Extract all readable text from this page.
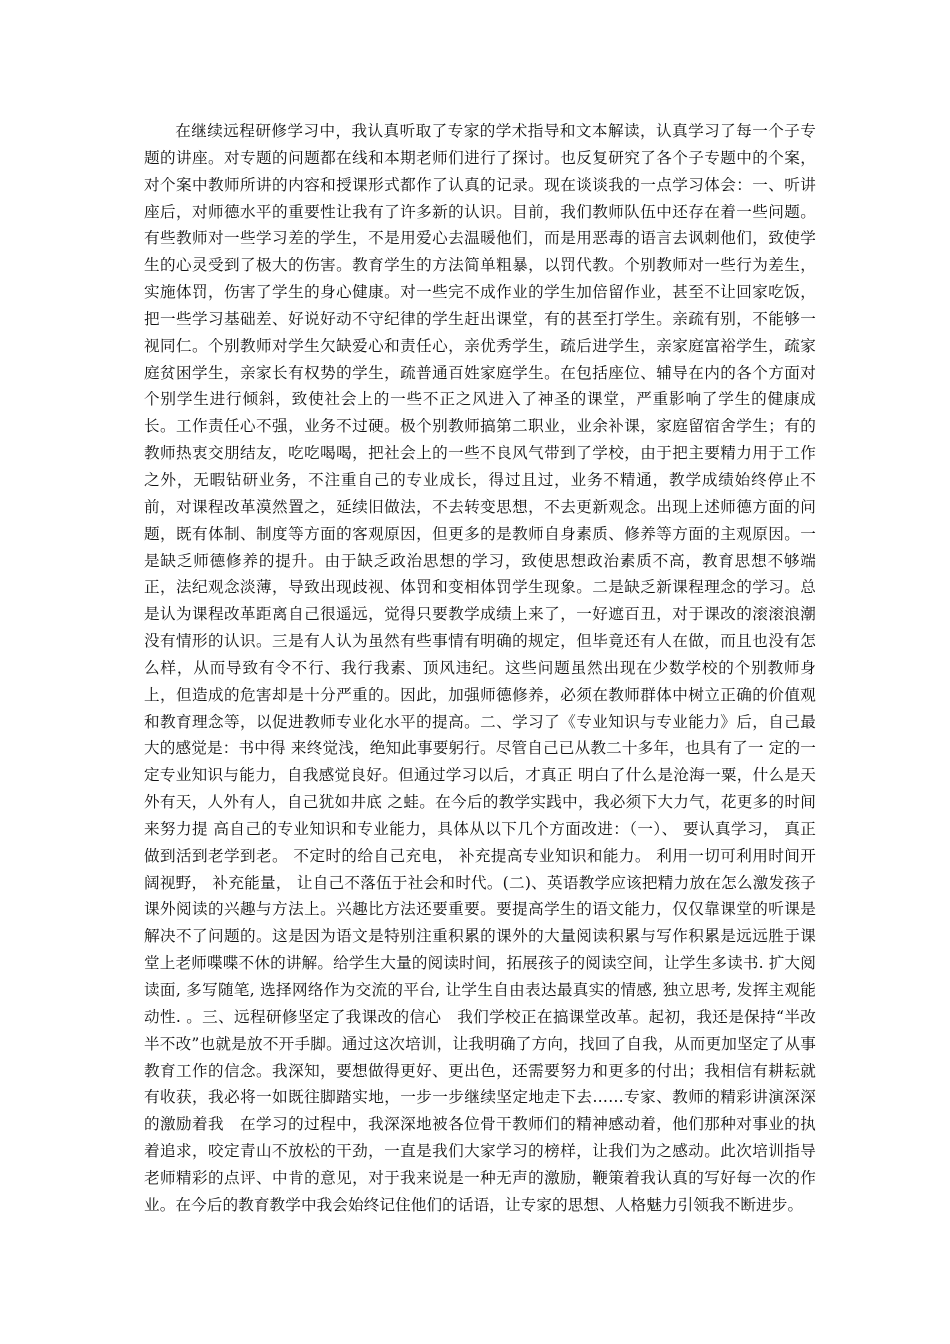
在继续远程研修学习中，我认真听取了专家的学术指导和文本解读，认真学习了每一个子专题的讲座。对专题的问题都在线和本期老师们进行了探讨。也反复研究了各个子专题中的个案，对个案中教师所讲的内容和授课形式都作了认真的记录。现在谈谈我的一点学习体会：一、听讲座后，对师德水平的重要性让我有了许多新的认识。目前，我们教师队伍中还存在着一些问题。有些教师对一些学习差的学生，不是用爱心去温暖他们，而是用恶毒的语言去讽刺他们，致使学生的心灵受到了极大的伤害。教育学生的方法简单粗暴，以罚代教。个别教师对一些行为差生，实施体罚，伤害了学生的身心健康。对一些完不成作业的学生加倍留作业，甚至不让回家吃饭，把一些学习基础差、好说好动不守纪律的学生赶出课堂，有的甚至打学生。亲疏有别，不能够一视同仁。个别教师对学生欠缺爱心和责任心，亲优秀学生，疏后进学生，亲家庭富裕学生，疏家庭贫困学生，亲家长有权势的学生，疏普通百姓家庭学生。在包括座位、辅导在内的各个方面对个别学生进行倾斜，致使社会上的一些不正之风进入了神圣的课堂，严重影响了学生的健康成长。工作责任心不强，业务不过硬。极个别教师搞第二职业，业余补课，家庭留宿舍学生；有的教师热衷交朋结友，吃吃喝喝，把社会上的一些不良风气带到了学校，由于把主要精力用于工作之外，无暇钻研业务，不注重自己的专业成长，得过且过，业务不精通，教学成绩始终停止不前，对课程改革漠然置之，延续旧做法，不去转变思想，不去更新观念。出现上述师德方面的问题，既有体制、制度等方面的客观原因，但更多的是教师自身素质、修养等方面的主观原因。一是缺乏师德修养的提升。由于缺乏政治思想的学习，致使思想政治素质不高，教育思想不够端正，法纪观念淡薄，导致出现歧视、体罚和变相体罚学生现象。二是缺乏新课程理念的学习。总是认为课程改革距离自己很遥远，觉得只要教学成绩上来了，一好遮百丑，对于课改的滚滚浪潮没有情形的认识。三是有人认为虽然有些事情有明确的规定，但毕竟还有人在做，而且也没有怎么样，从而导致有令不行、我行我素、顶风违纪。这些问题虽然出现在少数学校的个别教师身上，但造成的危害却是十分严重的。因此，加强师德修养，必须在教师群体中树立正确的价值观和教育理念等，以促进教师专业化水平的提高。二、学习了《专业知识与专业能力》后，自己最大的感觉是：书中得 来终觉浅，绝知此事要躬行。尽管自己已从教二十多年，也具有了一 定的一定专业知识与能力，自我感觉良好。但通过学习以后，才真正 明白了什么是沧海一粟，什么是天外有天，人外有人，自己犹如井底 之蛙。在今后的教学实践中，我必须下大力气，花更多的时间来努力提 高自己的专业知识和专业能力，具体从以下几个方面改进：（一）、 要认真学习， 真正做到活到老学到老。 不定时的给自己充电， 补充提高专业知识和能力。 利用一切可利用时间开阔视野， 补充能量， 让自己不落伍于社会和时代。(二)、英语教学应该把精力放在怎么激发孩子课外阅读的兴趣与方法上。兴趣比方法还要重要。要提高学生的语文能力，仅仅靠课堂的听课是解决不了问题的。这是因为语文是特别注重积累的课外的大量阅读积累与写作积累是远远胜于课堂上老师喋喋不休的讲解。给学生大量的阅读时间，拓展孩子的阅读空间，让学生多读书. 扩大阅读面, 多写随笔, 选择网络作为交流的平台, 让学生自由表达最真实的情感, 独立思考, 发挥主观能动性. 。三、远程研修坚定了我课改的信心　我们学校正在搞课堂改革。起初，我还是保持“半改半不改”也就是放不开手脚。通过这次培训，让我明确了方向，找回了自我，从而更加坚定了从事教育工作的信念。我深知，要想做得更好、更出色，还需要努力和更多的付出；我相信有耕耘就有收获，我必将一如既往脚踏实地，一步一步继续坚定地走下去……专家、教师的精彩讲演深深的激励着我　在学习的过程中，我深深地被各位骨干教师们的精神感动着，他们那种对事业的执着追求，咬定青山不放松的干劲，一直是我们大家学习的榜样，让我们为之感动。此次培训指导老师精彩的点评、中肯的意见，对于我来说是一种无声的激励，鞭策着我认真的写好每一次的作业。在今后的教育教学中我会始终记住他们的话语，让专家的思想、人格魅力引领我不断进步。
